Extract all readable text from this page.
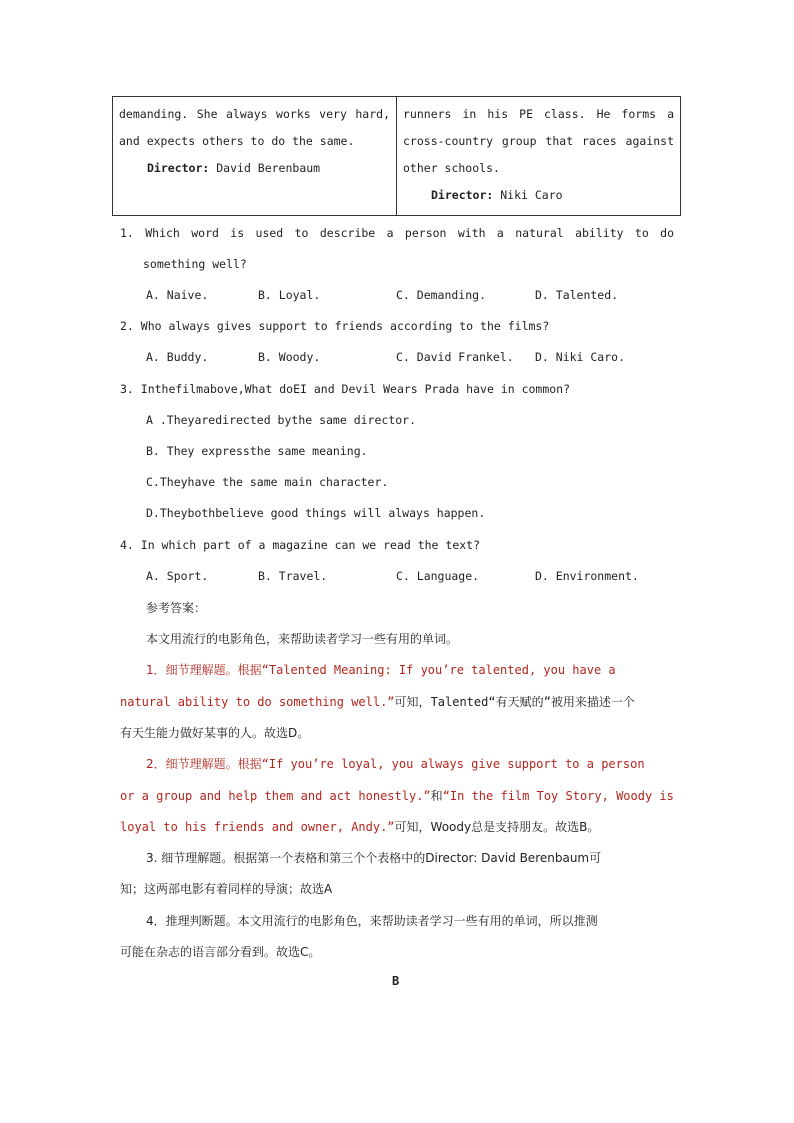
demanding. She always works very hard,
and expects others to do the same.
Director: David Berenbaum

runners in his PE class. He forms a
cross-country group that races against
other schools.
Director: Niki Caro
1. Which word is used to describe a person with a natural ability to do
something well?
A. Naive.	B. Loyal.	C. Demanding.	D. Talented.
2. Who always gives support to friends according to the films?
A. Buddy.	B. Woody.	C. David Frankel. D. Niki Caro.
3. Inthefilmabove,What doEI and Devil Wears Prada have in common?
A .Theyaredirected bythe same director.
B. They expressthe same meaning.
C.Theyhave the same main character.
D.Theybothbelieve good things will always happen.
4. In which part of a magazine can we read the text?
A. Sport.	B. Travel.	C. Language.	D. Environment.
参考答案：
本文用流行的电影角色，来帮助读者学习一些有用的单词。
1．细节理解题。根据“Talented Meaning: If you’re talented, you have a
natural ability to do something well.”可知，Talented“有天赋的”被用来描述一个
有天生能力做好某事的人。故选D。
2．细节理解题。根据“If you’re loyal, you always give support to a person
or a group and help them and act honestly.”和“In the film Toy Story, Woody is
loyal to his friends and owner, Andy.”可知，Woody总是支持朋友。故选B。
3. 细节理解题。根据第一个表格和第三个个表格中的Director: David Berenbaum可
知；这两部电影有着同样的导演；故选A
4．推理判断题。本文用流行的电影角色，来帮助读者学习一些有用的单词，所以推测
可能在杂志的语言部分看到。故选C。
B
